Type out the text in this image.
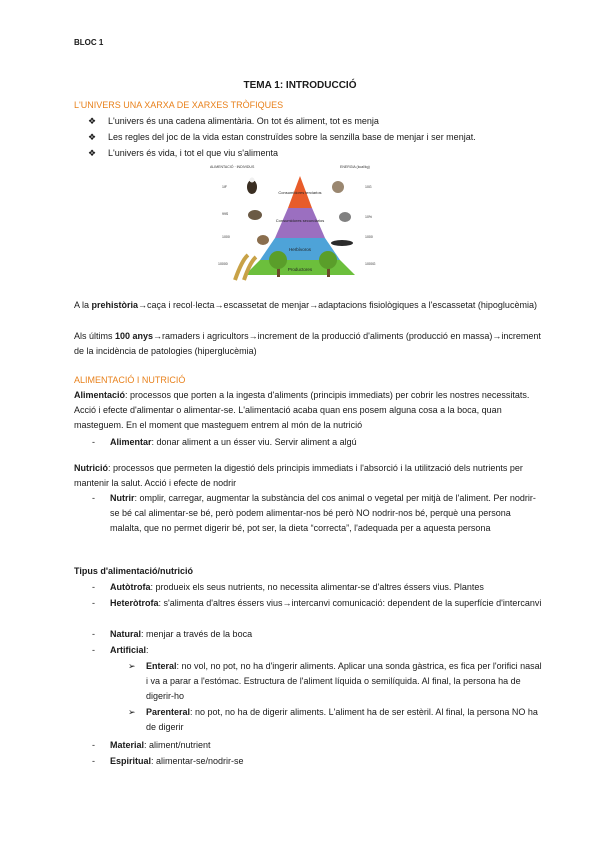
BLOC 1
TEMA 1: INTRODUCCIÓ
L'UNIVERS UNA XARXA DE XARXES TRÒFIQUES
❖ L'univers és una cadena alimentària. On tot és aliment, tot es menja
❖ Les regles del joc de la vida estan construïdes sobre la senzilla base de menjar i ser menjat.
❖ L'univers és vida, i tot el que viu s'alimenta
ALIMENTACIÓ · INDIVIDUS	ENERGIA (kcal/kg)
Consumidores terciarios
Consumidores secundarios
Herbívoros
Productores
1IF
99S
1000
10000
10G
10%
1000
1000G
A la prehistòria→caça i recol·lecta→escassetat de menjar→adaptacions fisiològiques a l'escassetat (hipoglucèmia)
Als últims 100 anys→ramaders i agricultors→increment de la producció d'aliments (producció en massa)→increment de la incidència de patologies (hiperglucèmia)
ALIMENTACIÓ I NUTRICIÓ
Alimentació: processos que porten a la ingesta d'aliments (principis immediats) per cobrir les nostres necessitats. Acció i efecte d'alimentar o alimentar-se. L'alimentació acaba quan ens posem alguna cosa a la boca, quan masteguem. En el moment que masteguem entrem al món de la nutrició
- Alimentar: donar aliment a un ésser viu. Servir aliment a algú
Nutrició: processos que permeten la digestió dels principis immediats i l'absorció i la utilització dels nutrients per mantenir la salut. Acció i efecte de nodrir
-	Nutrir: omplir, carregar, augmentar la substància del cos animal o vegetal per mitjà de l'aliment. Per nodrir-se bé cal alimentar-se bé, però podem alimentar-nos bé però NO nodrir-nos bé, perquè una persona malalta, que no permet digerir bé, pot ser, la dieta “correcta”, l'adequada per a aquesta persona
Tipus d'alimentació/nutrició
-	Autòtrofa: produeix els seus nutrients, no necessita alimentar-se d'altres éssers vius. Plantes
-	Heteròtrofa: s'alimenta d'altres éssers vius→intercanvi comunicació: dependent de la superfície d'intercanvi
-	Natural: menjar a través de la boca
-	Artificial:
➢	Enteral: no vol, no pot, no ha d'ingerir aliments. Aplicar una sonda gàstrica, es fica per l'orifici nasal i va a parar a l'estómac. Estructura de l'aliment líquida o semilíquida. Al final, la persona ha de digerir-ho
➢	Parenteral: no pot, no ha de digerir aliments. L'aliment ha de ser estèril. Al final, la persona NO ha de digerir
-	Material: aliment/nutrient
-	Espiritual: alimentar-se/nodrir-se
